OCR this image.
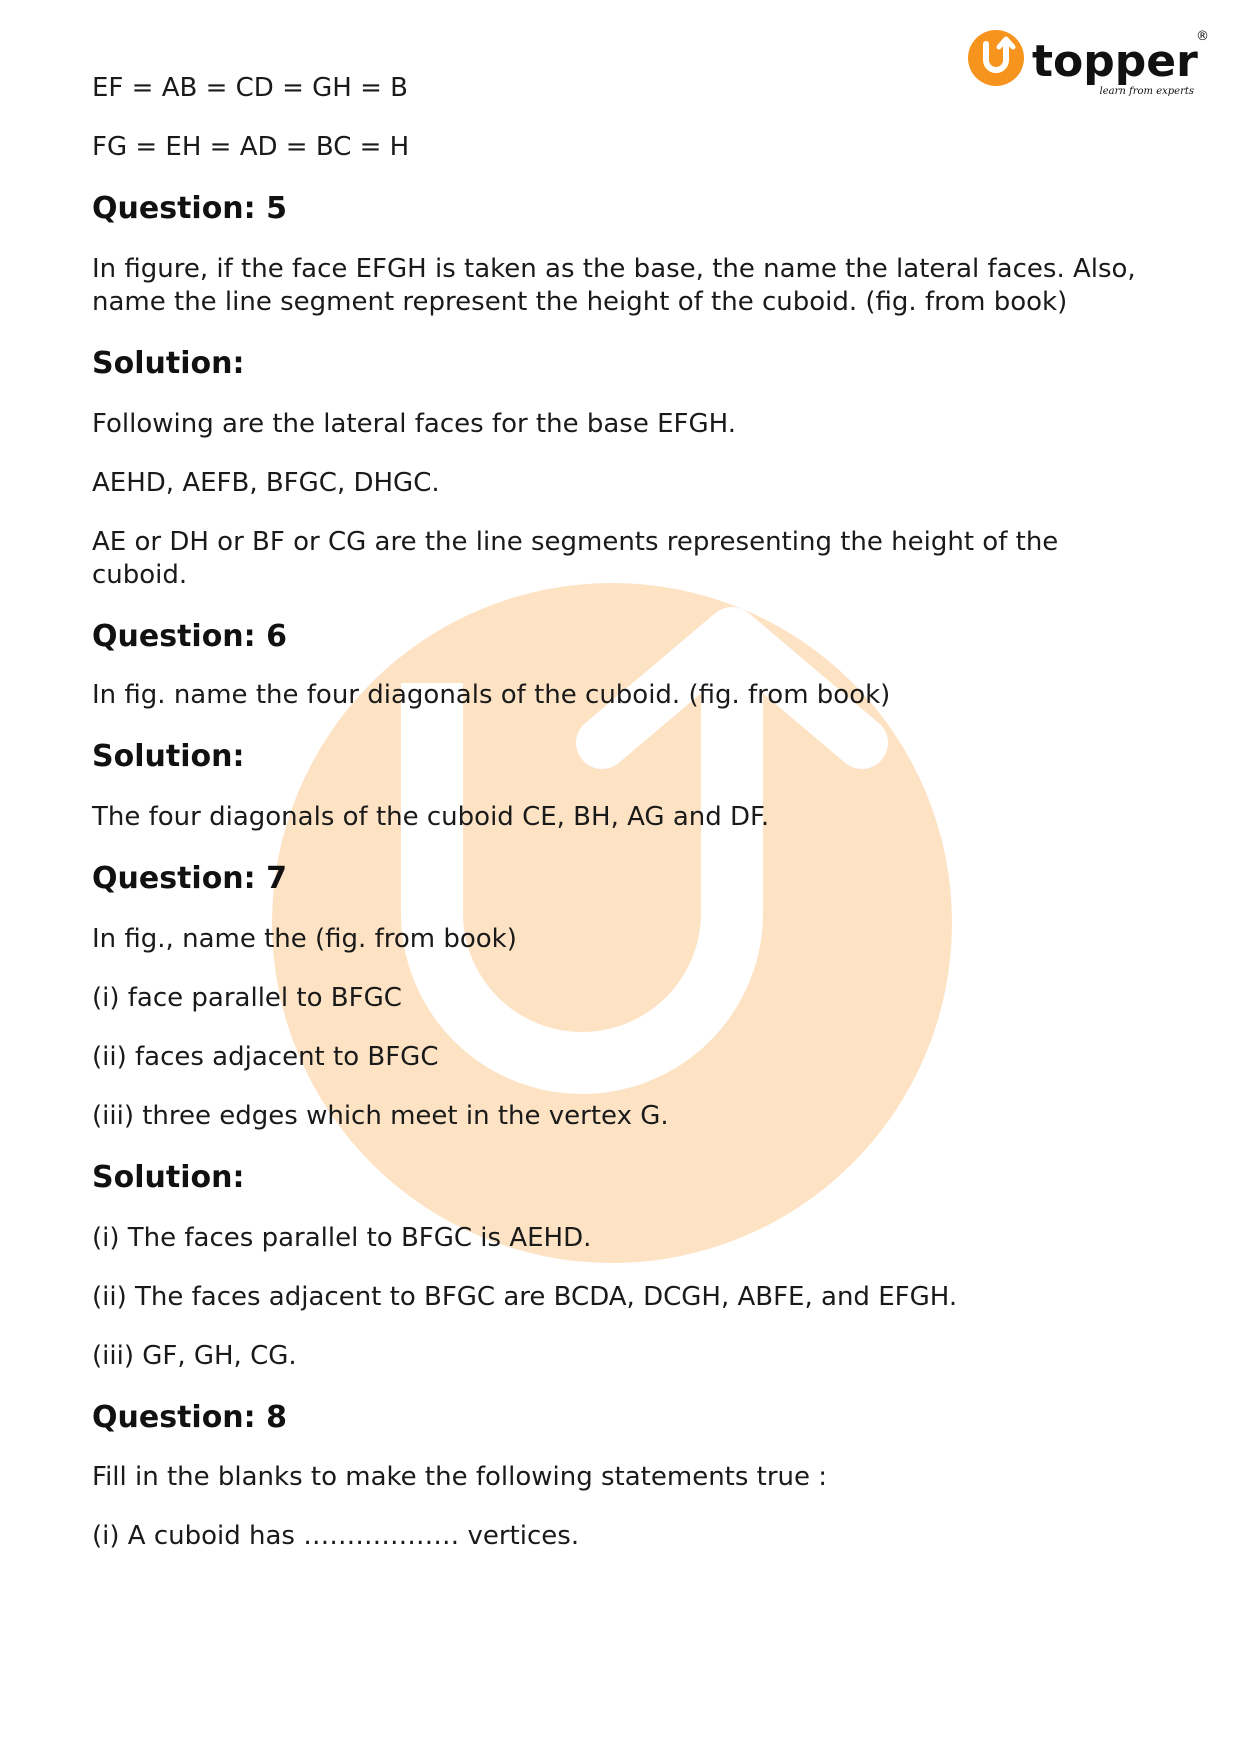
topper
®
learn from experts

EF = AB = CD = GH = B

FG = EH = AD = BC = H

Question: 5

In figure, if the face EFGH is taken as the base, the name the lateral faces. Also, name the line segment represent the height of the cuboid. (fig. from book)

Solution:

Following are the lateral faces for the base EFGH.

AEHD, AEFB, BFGC, DHGC.

AE or DH or BF or CG are the line segments representing the height of the cuboid.

Question: 6

In fig. name the four diagonals of the cuboid. (fig. from book)

Solution:

The four diagonals of the cuboid CE, BH, AG and DF.

Question: 7

In fig., name the (fig. from book)

(i) face parallel to BFGC

(ii) faces adjacent to BFGC

(iii) three edges which meet in the vertex G.

Solution:

(i) The faces parallel to BFGC is AEHD.

(ii) The faces adjacent to BFGC are BCDA, DCGH, ABFE, and EFGH.

(iii) GF, GH, CG.

Question: 8

Fill in the blanks to make the following statements true :

(i) A cuboid has ……………… vertices.
